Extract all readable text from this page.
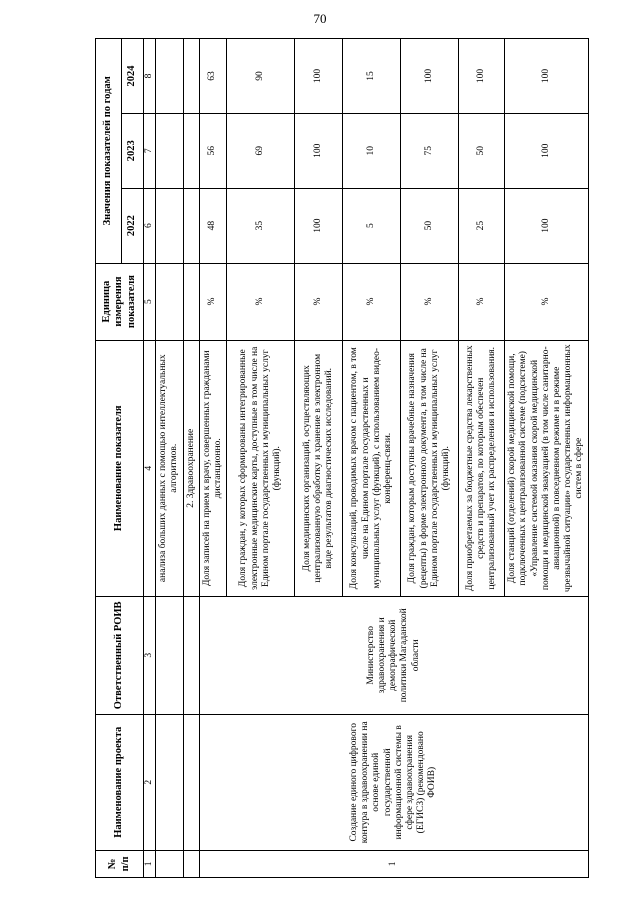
70
№ п/п	Наименование проекта	Ответственный РОИВ	Наименование показателя	Единица измерения показателя	Значения показателей по годам		
					2022	2023	2024
1	2	3	4	5	6	7	8
			анализа больших данных с помощью интеллектуальных алгоритмов.				
			2. Здравоохранение				
1	Создание единого цифрового контура в здравоохранении на основе единой государственной информационной системы в сфере здравоохранения (ЕГИСЗ) (рекомендовано ФОИВ)	Министерство здравоохранения и демографической политики Магаданской области	Доля записей на прием к врачу, совершенных гражданами дистанционно.	%	48	56	63
			Доля граждан, у которых сформированы интегрированные электронные медицинские карты, доступные в том числе на Едином портале государственных и муниципальных услуг (функций).	%	35	69	90
			Доля медицинских организаций, осуществляющих централизованную обработку и хранение в электронном виде результатов диагностических исследований.	%	100	100	100
			Доля консультаций, проводимых врачом с пациентом, в том числе на Едином портале государственных и муниципальных услуг (функций), с использованием видео-конференц-связи.	%	5	10	15
			Доля граждан, которым доступны врачебные назначения (рецепты) в форме электронного документа, в том числе на Едином портале государственных и муниципальных услуг (функций).	%	50	75	100
			Доля приобретаемых за бюджетные средства лекарственных средств и препаратов, по которым обеспечен централизованный учет их распределения и использования.	%	25	50	100
			Доля станций (отделений) скорой медицинской помощи, подключенных к централизованной системе (подсистеме) «Управление системой оказания скорой медицинской помощи и медицинской эвакуацией (в том числе санитарно-авиационной) в повседневном режиме и в режиме чрезвычайной ситуации» государственных информационных систем в сфере	%	100	100	100
